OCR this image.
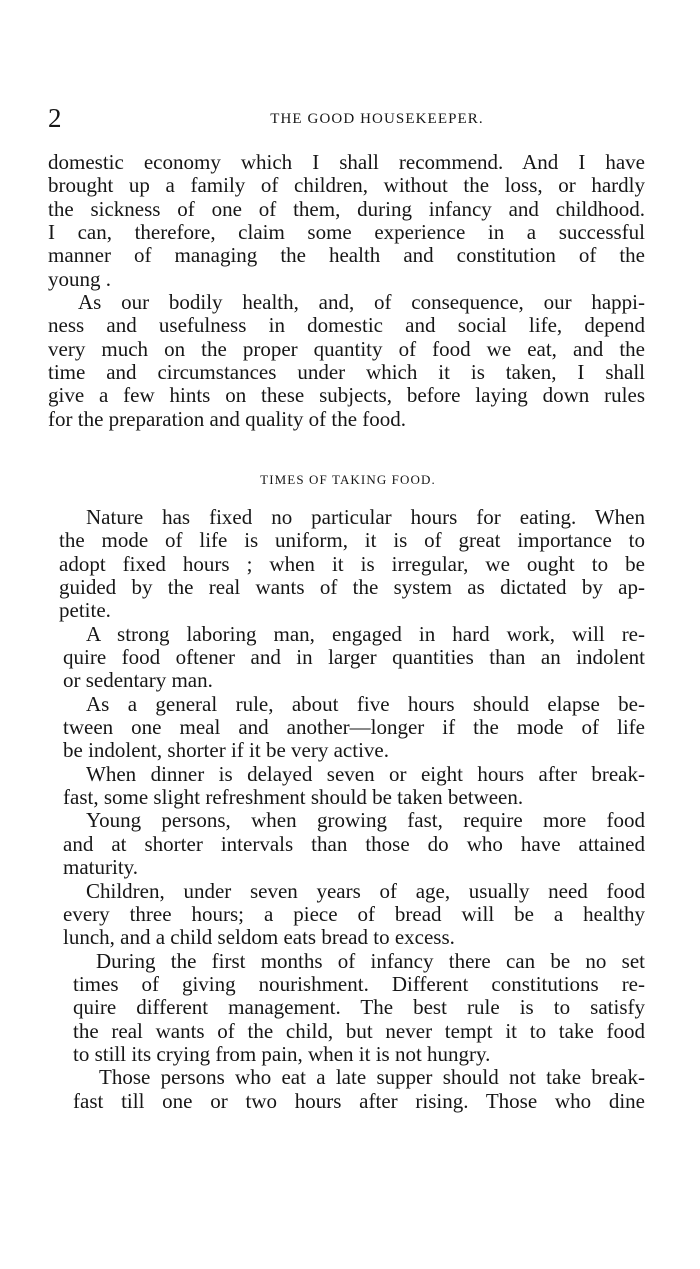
2	THE GOOD HOUSEKEEPER.
domestic economy which I shall recommend. And I have
brought up a family of children, without the loss, or hardly
the sickness of one of them, during infancy and childhood.
I can, therefore, claim some experience in a successful
manner of managing the health and constitution of the
young .
As our bodily health, and, of consequence, our happi-
ness and usefulness in domestic and social life, depend
very much on the proper quantity of food we eat, and the
time and circumstances under which it is taken, I shall
give a few hints on these subjects, before laying down rules
for the preparation and quality of the food.
TIMES OF TAKING FOOD.
Nature has fixed no particular hours for eating. When
the mode of life is uniform, it is of great importance to
adopt fixed hours ; when it is irregular, we ought to be
guided by the real wants of the system as dictated by ap-
petite.
A strong laboring man, engaged in hard work, will re-
quire food oftener and in larger quantities than an indolent
or sedentary man.
As a general rule, about five hours should elapse be-
tween one meal and another—longer if the mode of life
be indolent, shorter if it be very active.
When dinner is delayed seven or eight hours after break-
fast, some slight refreshment should be taken between.
Young persons, when growing fast, require more food
and at shorter intervals than those do who have attained
maturity.
Children, under seven years of age, usually need food
every three hours; a piece of bread will be a healthy
lunch, and a child seldom eats bread to excess.
During the first months of infancy there can be no set
times of giving nourishment. Different constitutions re-
quire different management. The best rule is to satisfy
the real wants of the child, but never tempt it to take food
to still its crying from pain, when it is not hungry.
Those persons who eat a late supper should not take break-
fast till one or two hours after rising. Those who dine
